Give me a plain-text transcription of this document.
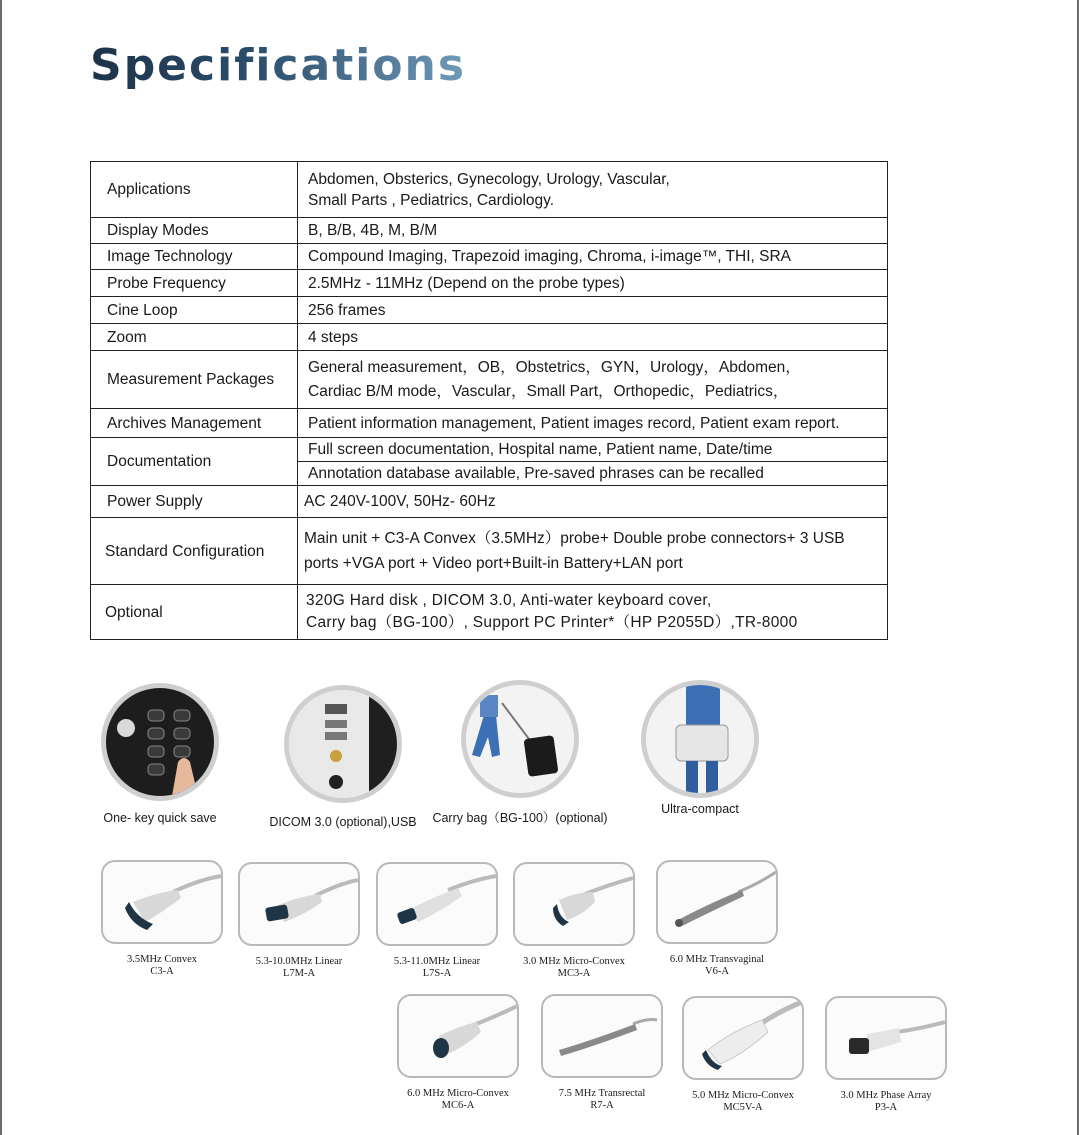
Specifications
Applications	Abdomen, Obsterics, Gynecology, Urology, Vascular,
Small Parts , Pediatrics, Cardiology.

Display Modes	B, B/B, 4B, M, B/M
Image Technology	Compound Imaging, Trapezoid imaging, Chroma, i-image™, THI, SRA
Probe Frequency	2.5MHz - 11MHz (Depend on the probe types)
Cine Loop	256 frames
Zoom	4 steps
Measurement Packages	General measurement，OB，Obstetrics，GYN，Urology，Abdomen，
Cardiac B/M mode，Vascular，Small Part，Orthopedic，Pediatrics，

Archives Management	Patient information management, Patient images record, Patient exam report.
Documentation	Full screen documentation, Hospital name, Patient name, Date/time
Annotation database available, Pre-saved phrases can be recalled

Power Supply	AC 240V-100V, 50Hz- 60Hz
Standard Configuration	Main unit + C3-A Convex（3.5MHz）probe+ Double probe connectors+ 3 USB
ports +VGA port + Video port+Built-in Battery+LAN port

Optional	320G Hard disk , DICOM 3.0, Anti-water keyboard cover,
Carry bag（BG-100）, Support PC Printer*（HP P2055D）,TR-8000
One- key quick save	DICOM 3.0 (optional),USB	Carry bag（BG-100）(optional)
Ultra-compact
3.5MHz Convex
C3-A
5.3-10.0MHz Linear
L7M-A
5.3-11.0MHz Linear
L7S-A
3.0 MHz Micro-Convex
MC3-A
6.0 MHz Transvaginal
V6-A
6.0 MHz Micro-Convex
MC6-A
7.5 MHz Transrectal
R7-A
5.0 MHz Micro-Convex
MC5V-A
3.0 MHz Phase Array
P3-A
